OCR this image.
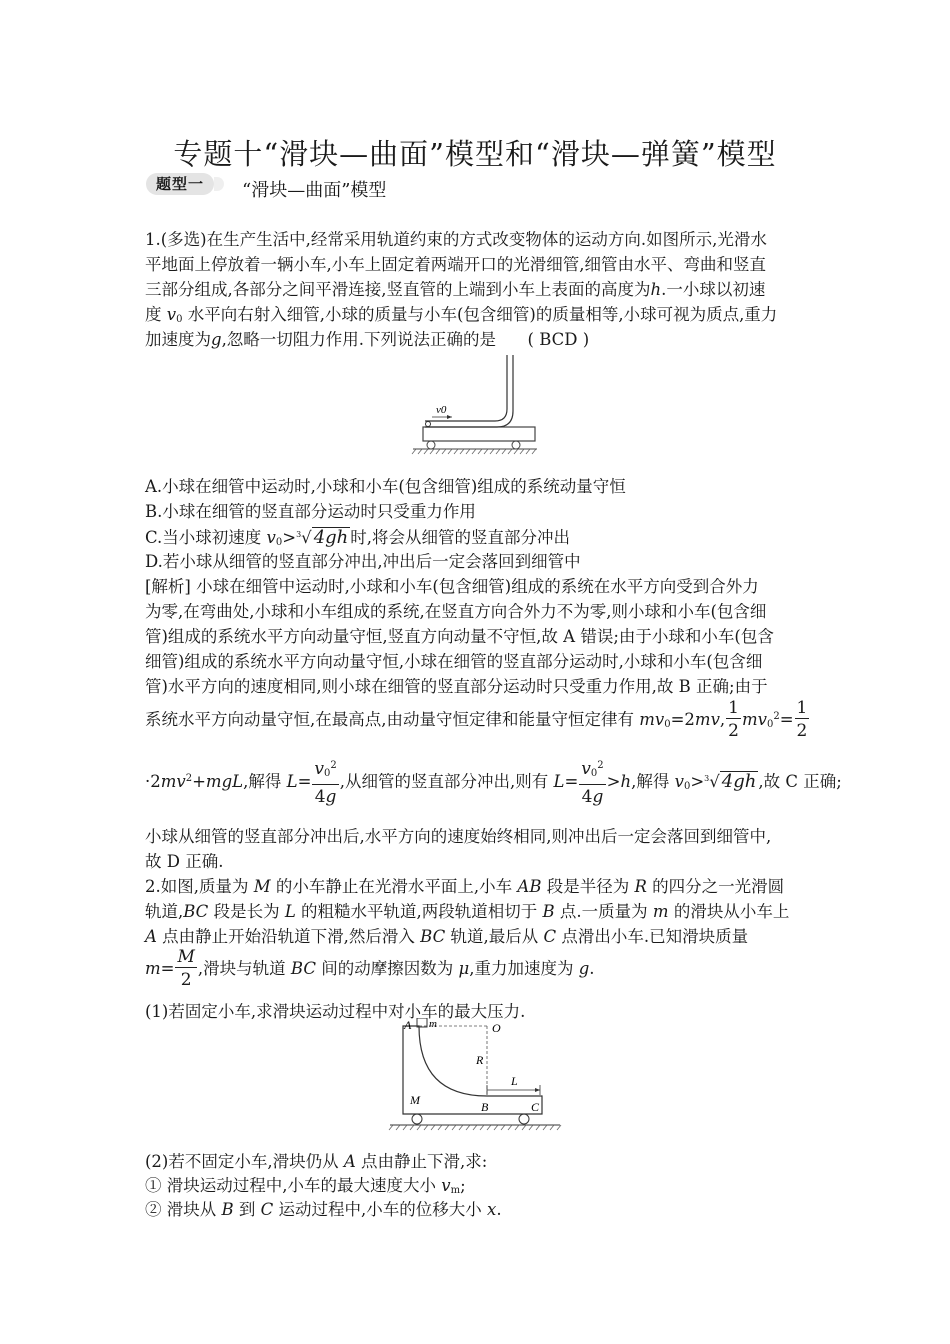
专题十“滑块—曲面”模型和“滑块—弹簧”模型
题型一	“滑块—曲面”模型
1.(多选)在生产生活中,经常采用轨道约束的方式改变物体的运动方向.如图所示,光滑水
平地面上停放着一辆小车,小车上固定着两端开口的光滑细管,细管由水平、弯曲和竖直
三部分组成,各部分之间平滑连接,竖直管的上端到小车上表面的高度为h.一小球以初速
度 $v_0$ 水平向右射入细管,小球的质量与小车(包含细管)的质量相等,小球可视为质点,重力
加速度为g,忽略一切阻力作用.下列说法正确的是 ( BCD )
v0
A.小球在细管中运动时,小球和小车(包含细管)组成的系统动量守恒
B.小球在细管的竖直部分运动时只受重力作用
C.当小球初速度 $v_0>^3√$ 4gh 时,将会从细管的竖直部分冲出
D.若小球从细管的竖直部分冲出,冲出后一定会落回到细管中
[解析] 小球在细管中运动时,小球和小车(包含细管)组成的系统在水平方向受到合外力
为零,在弯曲处,小球和小车组成的系统,在竖直方向合外力不为零,则小球和小车(包含细
管)组成的系统水平方向动量守恒,竖直方向动量不守恒,故 A 错误;由于小球和小车(包含
细管)组成的系统水平方向动量守恒,小球在细管的竖直部分运动时,小球和小车(包含细
管)水平方向的速度相同,则小球在细管的竖直部分运动时只受重力作用,故 B 正确;由于
系统水平方向动量守恒,在最高点,由动量守恒定律和能量守恒定律有 $mv_0=2mv$, $\frac{1}{2} mv_0^2= \frac{1}{2}$
$\cdot 2mv^2+mgL$,解得 $L= \frac{v_0^2}{4g}$ ,从细管的竖直部分冲出,则有 $L= \frac{v_0^2}{4g} >h$,解得 $v_0>^3√$ 4gh ,故 C 正确;
小球从细管的竖直部分冲出后,水平方向的速度始终相同,则冲出后一定会落回到细管中,
故 D 正确.
2.如图,质量为 M 的小车静止在光滑水平面上,小车 AB 段是半径为 R 的四分之一光滑圆
轨道,BC 段是长为 L 的粗糙水平轨道,两段轨道相切于 B 点.一质量为 m 的滑块从小车上
A 点由静止开始沿轨道下滑,然后滑入 BC 轨道,最后从 C 点滑出小车.已知滑块质量
$m= \frac{M}{2}$ ,滑块与轨道 BC 间的动摩擦因数为 μ,重力加速度为 g.
(1)若固定小车,求滑块运动过程中对小车的最大压力.
A m	O
R
L
M	B	C
(2)若不固定小车,滑块仍从 A 点由静止下滑,求:
① 滑块运动过程中,小车的最大速度大小 $v_m$;
② 滑块从 B 到 C 运动过程中,小车的位移大小 x.
